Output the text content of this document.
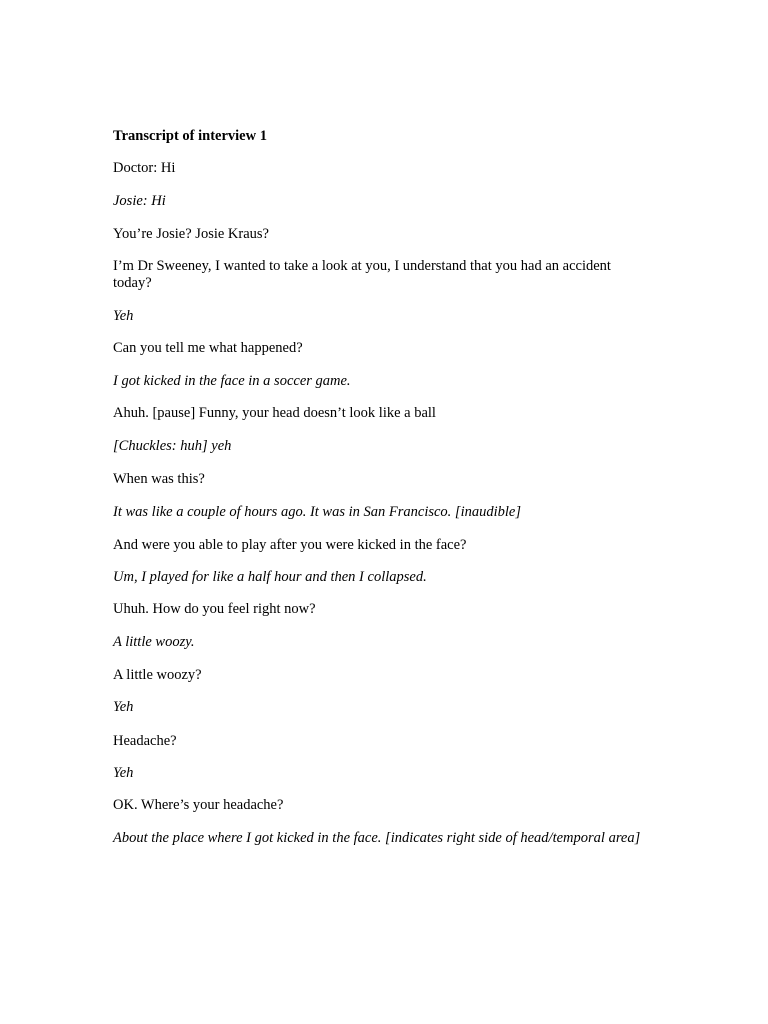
Transcript of interview 1
Doctor: Hi
Josie: Hi
You’re Josie? Josie Kraus?
I’m Dr Sweeney, I wanted to take a look at you, I understand that you had an accident today?
Yeh
Can you tell me what happened?
I got kicked in the face in a soccer game.
Ahuh. [pause] Funny, your head doesn’t look like a ball
[Chuckles: huh] yeh
When was this?
It was like a couple of hours ago. It was in San Francisco. [inaudible]
And were you able to play after you were kicked in the face?
Um, I played for like a half hour and then I collapsed.
Uhuh. How do you feel right now?
A little woozy.
A little woozy?
Yeh
Headache?
Yeh
OK. Where’s your headache?
About the place where I got kicked in the face. [indicates right side of head/temporal area]
